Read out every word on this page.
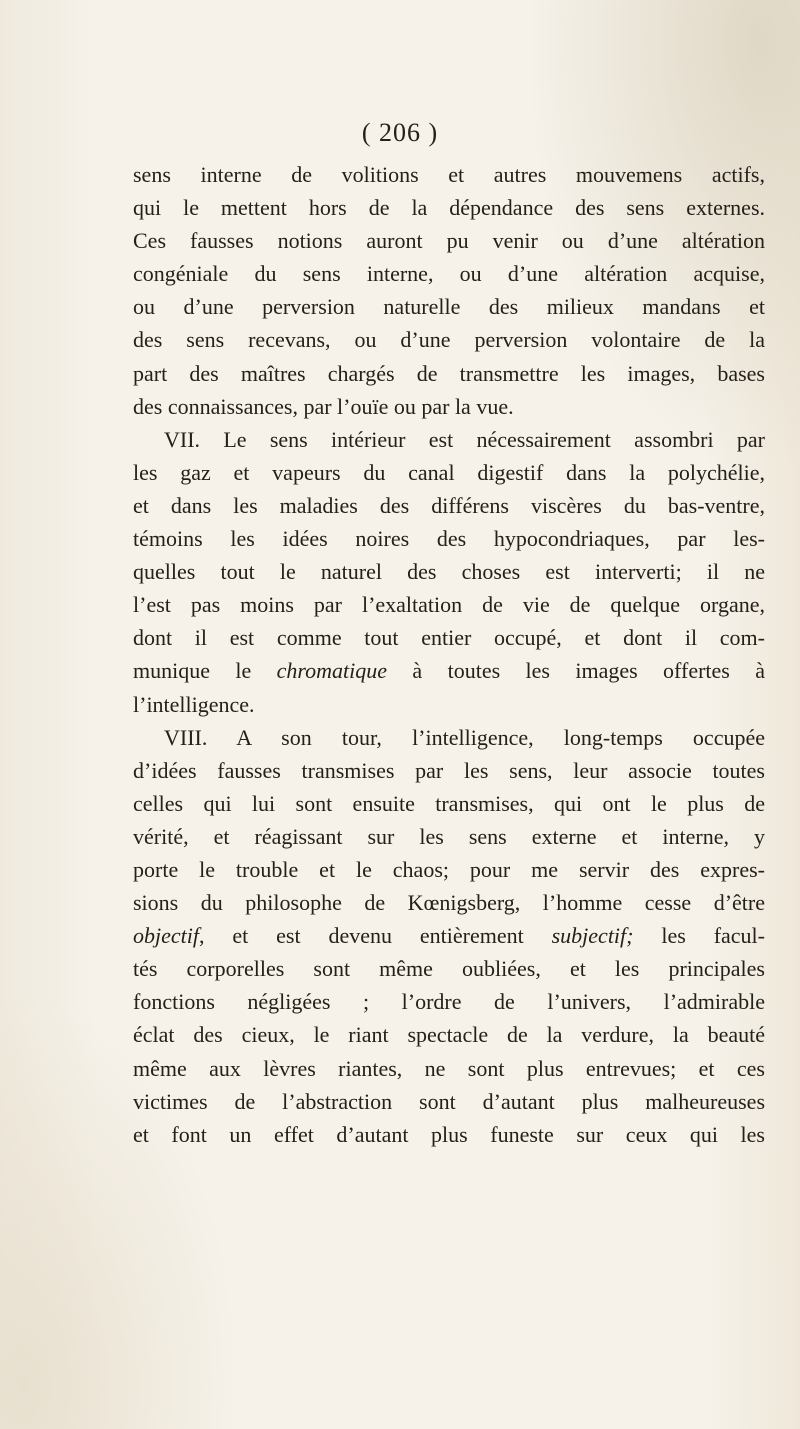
( 206 )
sens interne de volitions et autres mouvemens actifs,
qui le mettent hors de la dépendance des sens externes.
Ces fausses notions auront pu venir ou d’une altération
congéniale du sens interne, ou d’une altération acquise,
ou d’une perversion naturelle des milieux mandans et
des sens recevans, ou d’une perversion volontaire de la
part des maîtres chargés de transmettre les images, bases
des connaissances, par l’ouïe ou par la vue.
VII. Le sens intérieur est nécessairement assombri par
les gaz et vapeurs du canal digestif dans la polychélie,
et dans les maladies des différens viscères du bas-ventre,
témoins les idées noires des hypocondriaques, par les-
quelles tout le naturel des choses est interverti; il ne
l’est pas moins par l’exaltation de vie de quelque organe,
dont il est comme tout entier occupé, et dont il com-
munique le chromatique à toutes les images offertes à
l’intelligence.
VIII. A son tour, l’intelligence, long-temps occupée
d’idées fausses transmises par les sens, leur associe toutes
celles qui lui sont ensuite transmises, qui ont le plus de
vérité, et réagissant sur les sens externe et interne, y
porte le trouble et le chaos; pour me servir des expres-
sions du philosophe de Kœnigsberg, l’homme cesse d’être
objectif, et est devenu entièrement subjectif; les facul-
tés corporelles sont même oubliées, et les principales
fonctions négligées ; l’ordre de l’univers, l’admirable
éclat des cieux, le riant spectacle de la verdure, la beauté
même aux lèvres riantes, ne sont plus entrevues; et ces
victimes de l’abstraction sont d’autant plus malheureuses
et font un effet d’autant plus funeste sur ceux qui les
